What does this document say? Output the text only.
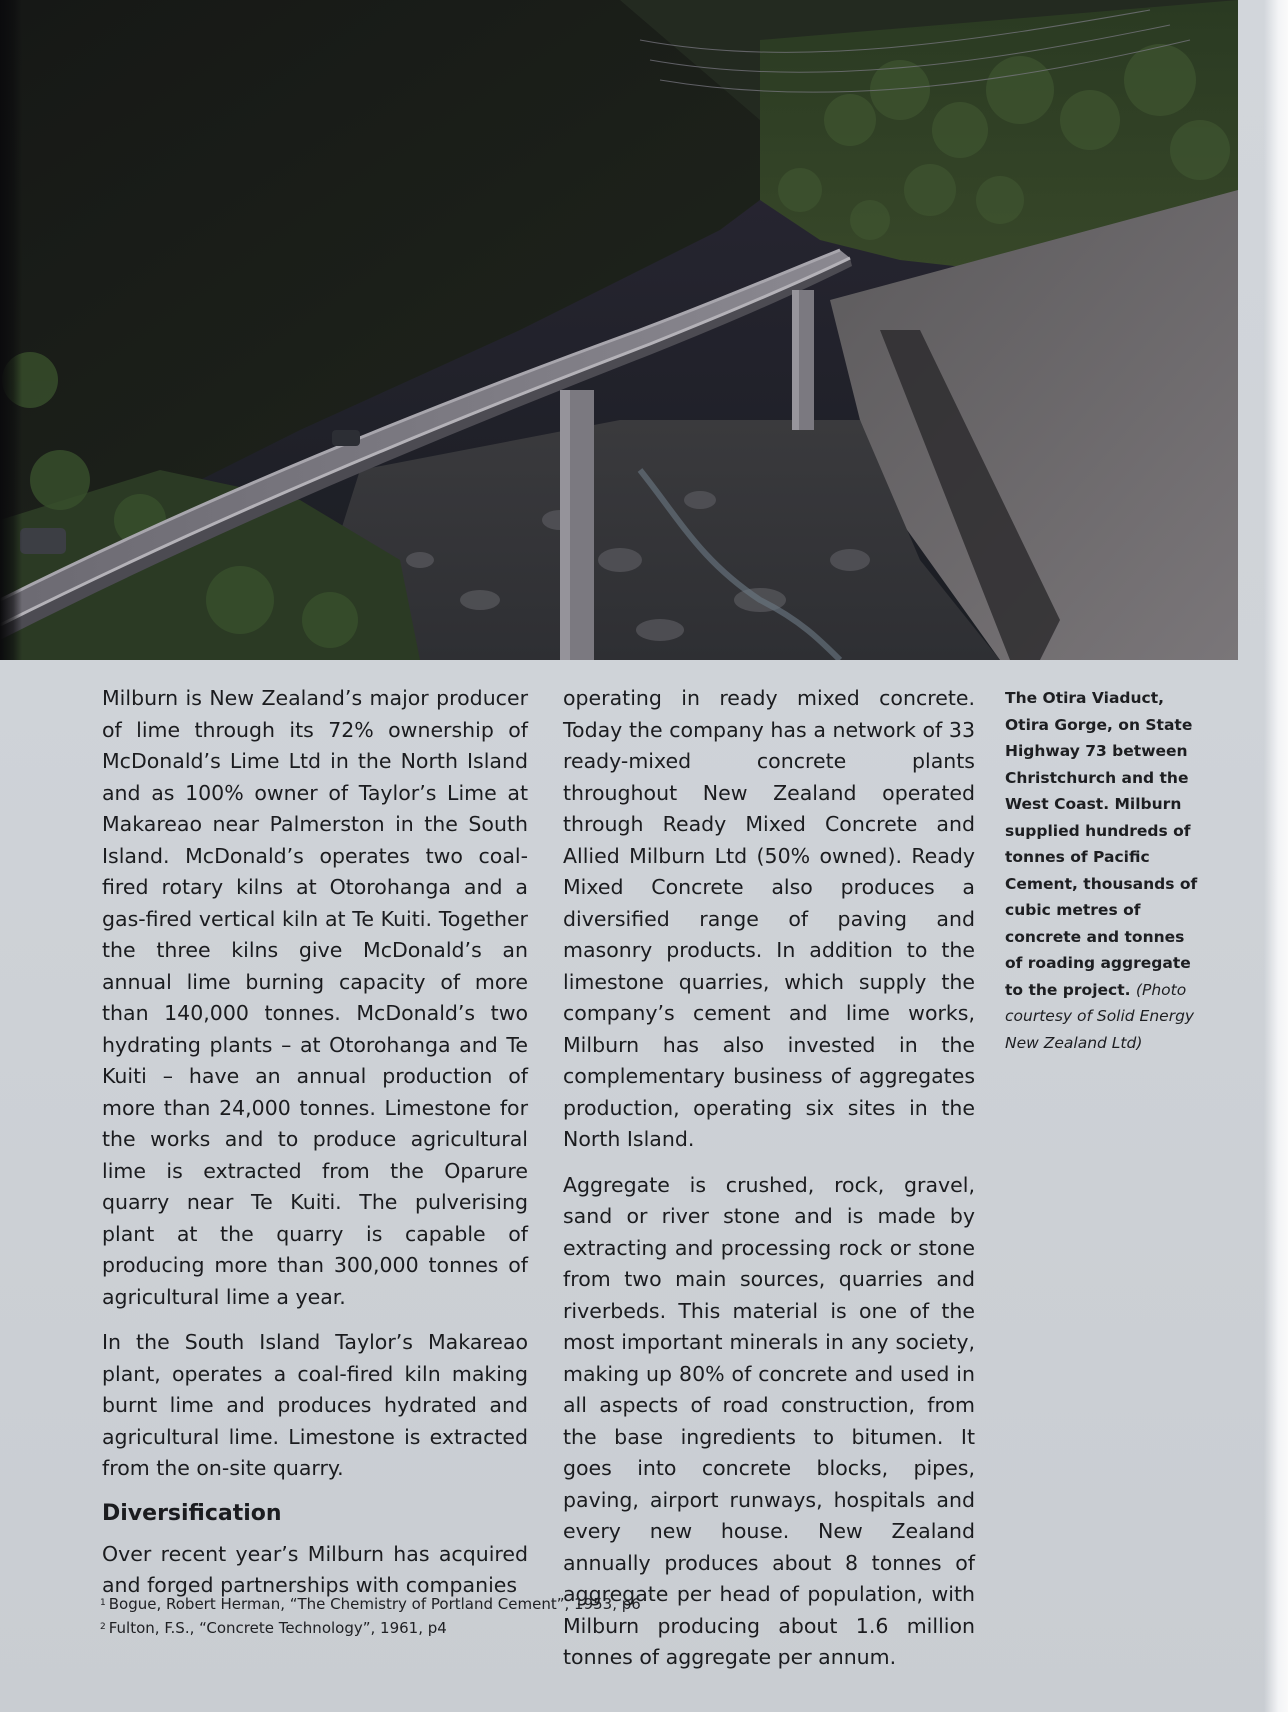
Milburn is New Zealand’s major producer of lime through its 72% ownership of McDonald’s Lime Ltd in the North Island and as 100% owner of Taylor’s Lime at Makareao near Palmerston in the South Island. McDonald’s operates two coal-fired rotary kilns at Otorohanga and a gas-fired vertical kiln at Te Kuiti. Together the three kilns give McDonald’s an annual lime burning capacity of more than 140,000 tonnes. McDonald’s two hydrating plants – at Otorohanga and Te Kuiti – have an annual production of more than 24,000 tonnes. Limestone for the works and to produce agricultural lime is extracted from the Oparure quarry near Te Kuiti. The pulverising plant at the quarry is capable of producing more than 300,000 tonnes of agricultural lime a year.

In the South Island Taylor’s Makareao plant, operates a coal-fired kiln making burnt lime and produces hydrated and agricultural lime. Limestone is extracted from the on-site quarry.

Diversification

Over recent year’s Milburn has acquired and forged partnerships with companies

operating in ready mixed concrete. Today the company has a network of 33 ready-mixed concrete plants throughout New Zealand operated through Ready Mixed Concrete and Allied Milburn Ltd (50% owned). Ready Mixed Concrete also produces a diversified range of paving and masonry products. In addition to the limestone quarries, which supply the company’s cement and lime works, Milburn has also invested in the complementary business of aggregates production, operating six sites in the North Island.

Aggregate is crushed, rock, gravel, sand or river stone and is made by extracting and processing rock or stone from two main sources, quarries and riverbeds. This material is one of the most important minerals in any society, making up 80% of concrete and used in all aspects of road construction, from the base ingredients to bitumen. It goes into concrete blocks, pipes, paving, airport runways, hospitals and every new house. New Zealand annually produces about 8 tonnes of aggregate per head of population, with Milburn producing about 1.6 million tonnes of aggregate per annum.

The Otira Viaduct, Otira Gorge, on State Highway 73 between Christchurch and the West Coast. Milburn supplied hundreds of tonnes of Pacific Cement, thousands of cubic metres of concrete and tonnes of roading aggregate to the project. (Photo courtesy of Solid Energy New Zealand Ltd)
$^1$ Bogue, Robert Herman, “The Chemistry of Portland Cement”, 1953, p6
$^2$ Fulton, F.S., “Concrete Technology”, 1961, p4
